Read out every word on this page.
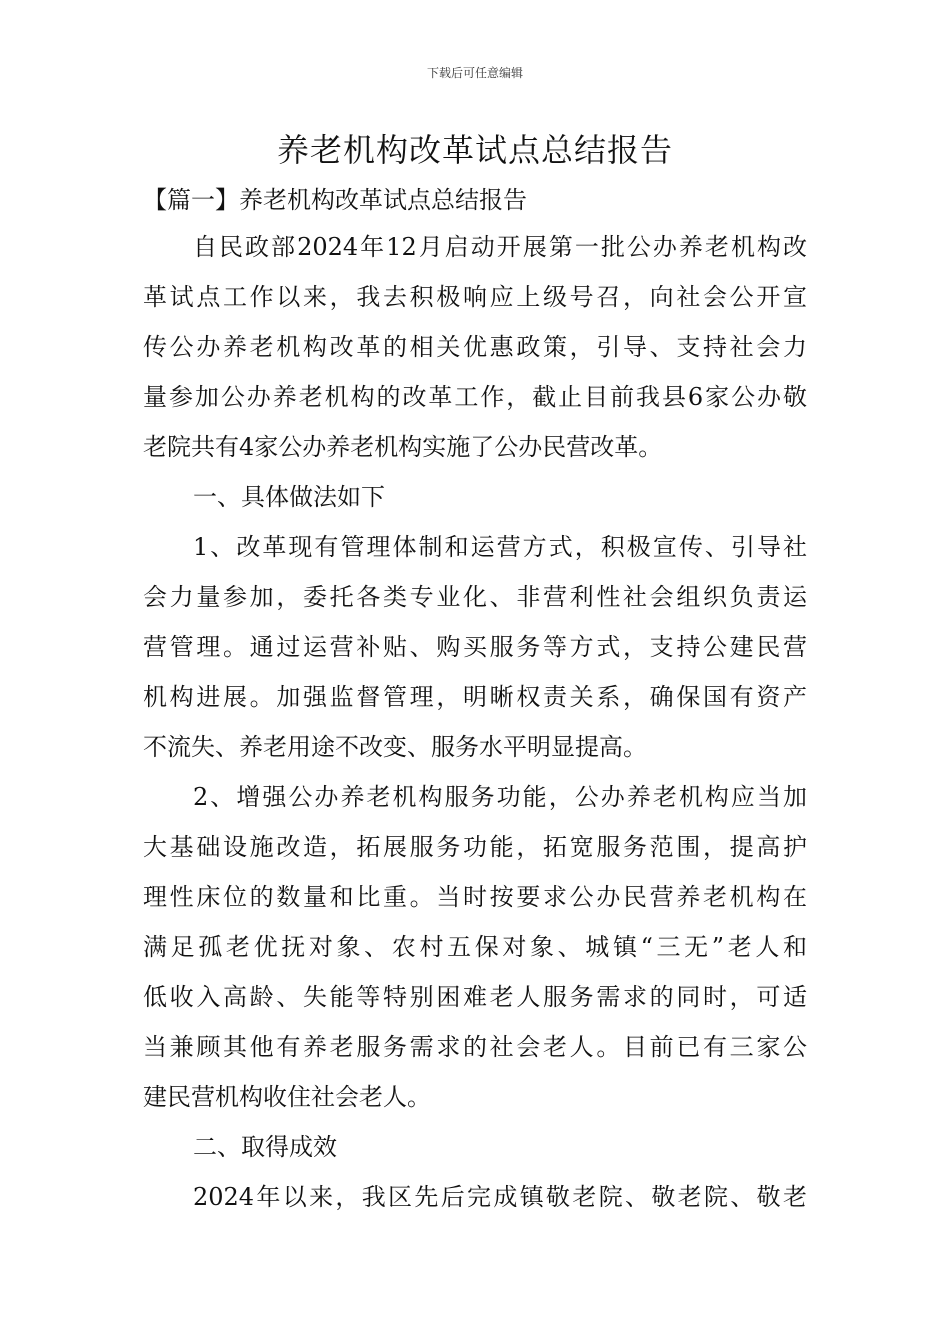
下载后可任意编辑
养老机构改革试点总结报告
【篇一】养老机构改革试点总结报告
自民政部2024年12月启动开展第一批公办养老机构改
革试点工作以来，我去积极响应上级号召，向社会公开宣
传公办养老机构改革的相关优惠政策，引导、支持社会力
量参加公办养老机构的改革工作，截止目前我县6家公办敬
老院共有4家公办养老机构实施了公办民营改革。
一、具体做法如下
1、改革现有管理体制和运营方式，积极宣传、引导社
会力量参加，委托各类专业化、非营利性社会组织负责运
营管理。通过运营补贴、购买服务等方式，支持公建民营
机构进展。加强监督管理，明晰权责关系，确保国有资产
不流失、养老用途不改变、服务水平明显提高。
2、增强公办养老机构服务功能，公办养老机构应当加
大基础设施改造，拓展服务功能，拓宽服务范围，提高护
理性床位的数量和比重。当时按要求公办民营养老机构在
满足孤老优抚对象、农村五保对象、城镇“三无”老人和
低收入高龄、失能等特别困难老人服务需求的同时，可适
当兼顾其他有养老服务需求的社会老人。目前已有三家公
建民营机构收住社会老人。
二、取得成效
2024年以来，我区先后完成镇敬老院、敬老院、敬老
